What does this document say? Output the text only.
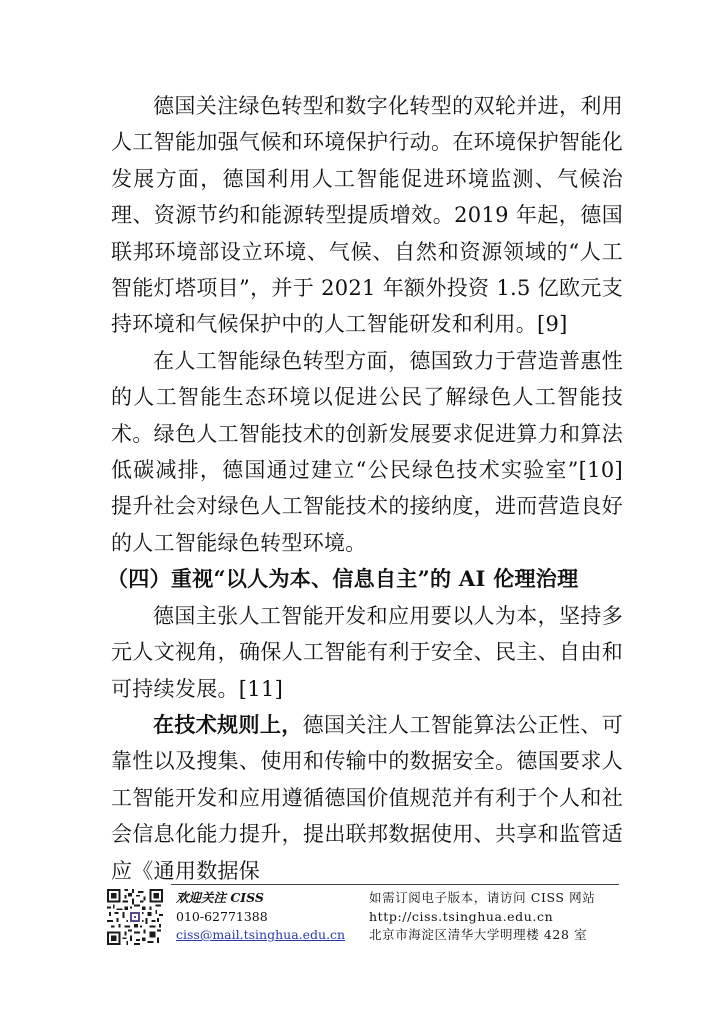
德国关注绿色转型和数字化转型的双轮并进，利用人工智能加强气候和环境保护行动。在环境保护智能化发展方面，德国利用人工智能促进环境监测、气候治理、资源节约和能源转型提质增效。2019 年起，德国联邦环境部设立环境、气候、自然和资源领域的“人工智能灯塔项目”，并于 2021 年额外投资 1.5 亿欧元支持环境和气候保护中的人工智能研发和利用。[9]

在人工智能绿色转型方面，德国致力于营造普惠性的人工智能生态环境以促进公民了解绿色人工智能技术。绿色人工智能技术的创新发展要求促进算力和算法低碳减排，德国通过建立“公民绿色技术实验室”[10]提升社会对绿色人工智能技术的接纳度，进而营造良好的人工智能绿色转型环境。

（四）重视“以人为本、信息自主”的 AI 伦理治理

德国主张人工智能开发和应用要以人为本，坚持多元人文视角，确保人工智能有利于安全、民主、自由和可持续发展。[11]

在技术规则上，德国关注人工智能算法公正性、可靠性以及搜集、使用和传输中的数据安全。德国要求人工智能开发和应用遵循德国价值规范并有利于个人和社会信息化能力提升，提出联邦数据使用、共享和监管适应《通用数据保

欢迎关注 CISS
010-62771388
ciss@mail.tsinghua.edu.cn
如需订阅电子版本，请访问 CISS 网站
http://ciss.tsinghua.edu.cn
北京市海淀区清华大学明理楼 428 室
